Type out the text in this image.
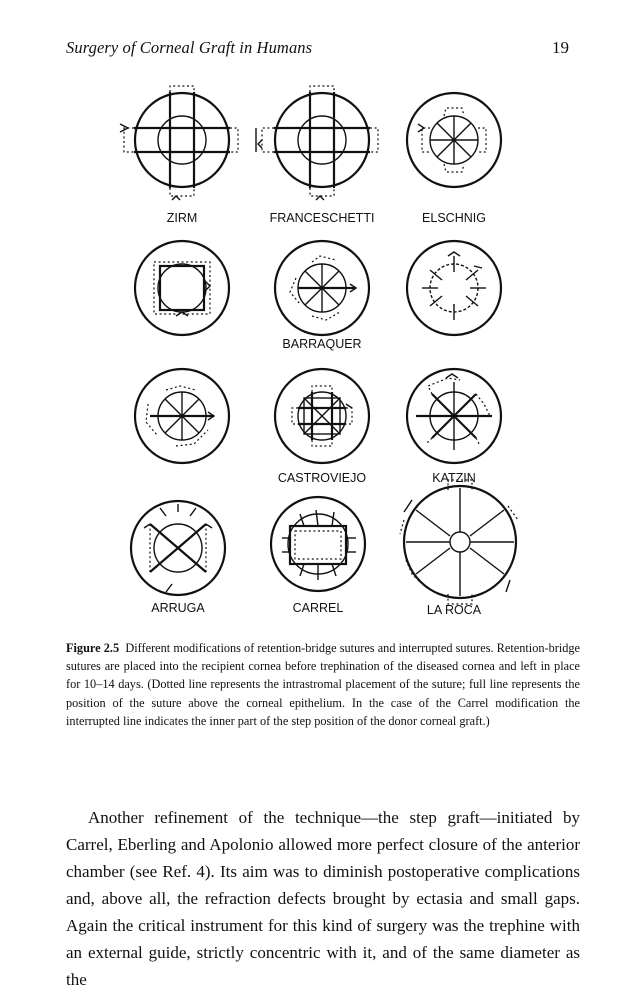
Surgery of Corneal Graft in Humans	19
ZIRM	FRANCESCHETTI	ELSCHNIG
BARRAQUER
CASTROVIEJO	KATZIN
ARRUGA	CARREL	LA ROCA

Figure 2.5 Different modifications of retention-bridge sutures and interrupted sutures. Retention-bridge sutures are placed into the recipient cornea before trephination of the diseased cornea and left in place for 10–14 days. (Dotted line represents the intrastromal placement of the suture; full line represents the position of the suture above the corneal epithelium. In the case of the Carrel modification the interrupted line indicates the inner part of the step position of the donor corneal graft.)

Another refinement of the technique—the step graft—initiated by Carrel, Eberling and Apolonio allowed more perfect closure of the anterior chamber (see Ref. 4). Its aim was to diminish postoperative complications and, above all, the refraction defects brought by ectasia and small gaps. Again the critical instrument for this kind of surgery was the trephine with an external guide, strictly concentric with it, and of the same diameter as the
